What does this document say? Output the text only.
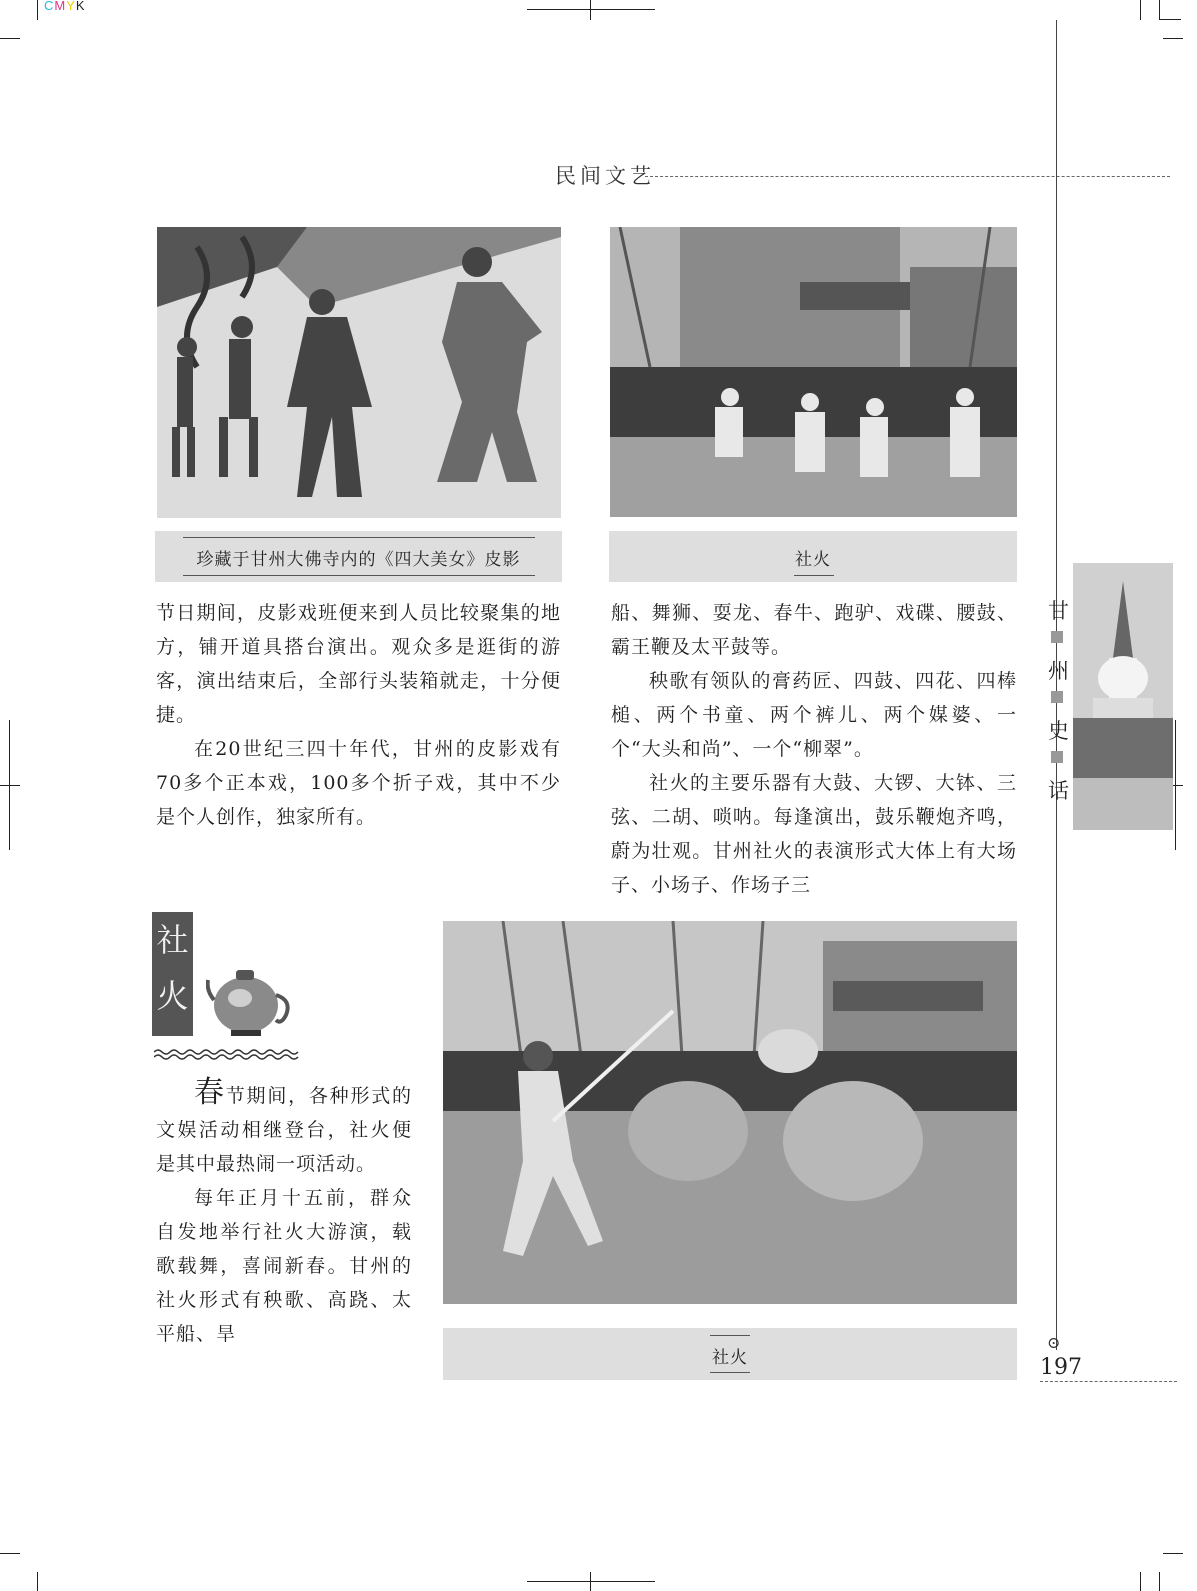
CMYK
民间文艺
珍藏于甘州大佛寺内的《四大美女》皮影	社火

节日期间，皮影戏班便来到人员比较聚集的地方，铺开道具搭台演出。观众多是逛街的游客，演出结束后，全部行头装箱就走，十分便捷。

在20世纪三四十年代，甘州的皮影戏有70多个正本戏，100多个折子戏，其中不少是个人创作，独家所有。

船、舞狮、耍龙、春牛、跑驴、戏碟、腰鼓、霸王鞭及太平鼓等。

秧歌有领队的膏药匠、四鼓、四花、四棒槌、两个书童、两个裤儿、两个媒婆、一个“大头和尚”、一个“柳翠”。

社火的主要乐器有大鼓、大锣、大钵、三弦、二胡、唢呐。每逢演出，鼓乐鞭炮齐鸣，蔚为壮观。甘州社火的表演形式大体上有大场子、小场子、作场子三

甘
州
史
话
社
火

春节期间，各种形式的文娱活动相继登台，社火便是其中最热闹一项活动。

每年正月十五前，群众自发地举行社火大游演，载歌载舞，喜闹新春。甘州的社火形式有秧歌、高跷、太平船、旱

社火
⊙
197
